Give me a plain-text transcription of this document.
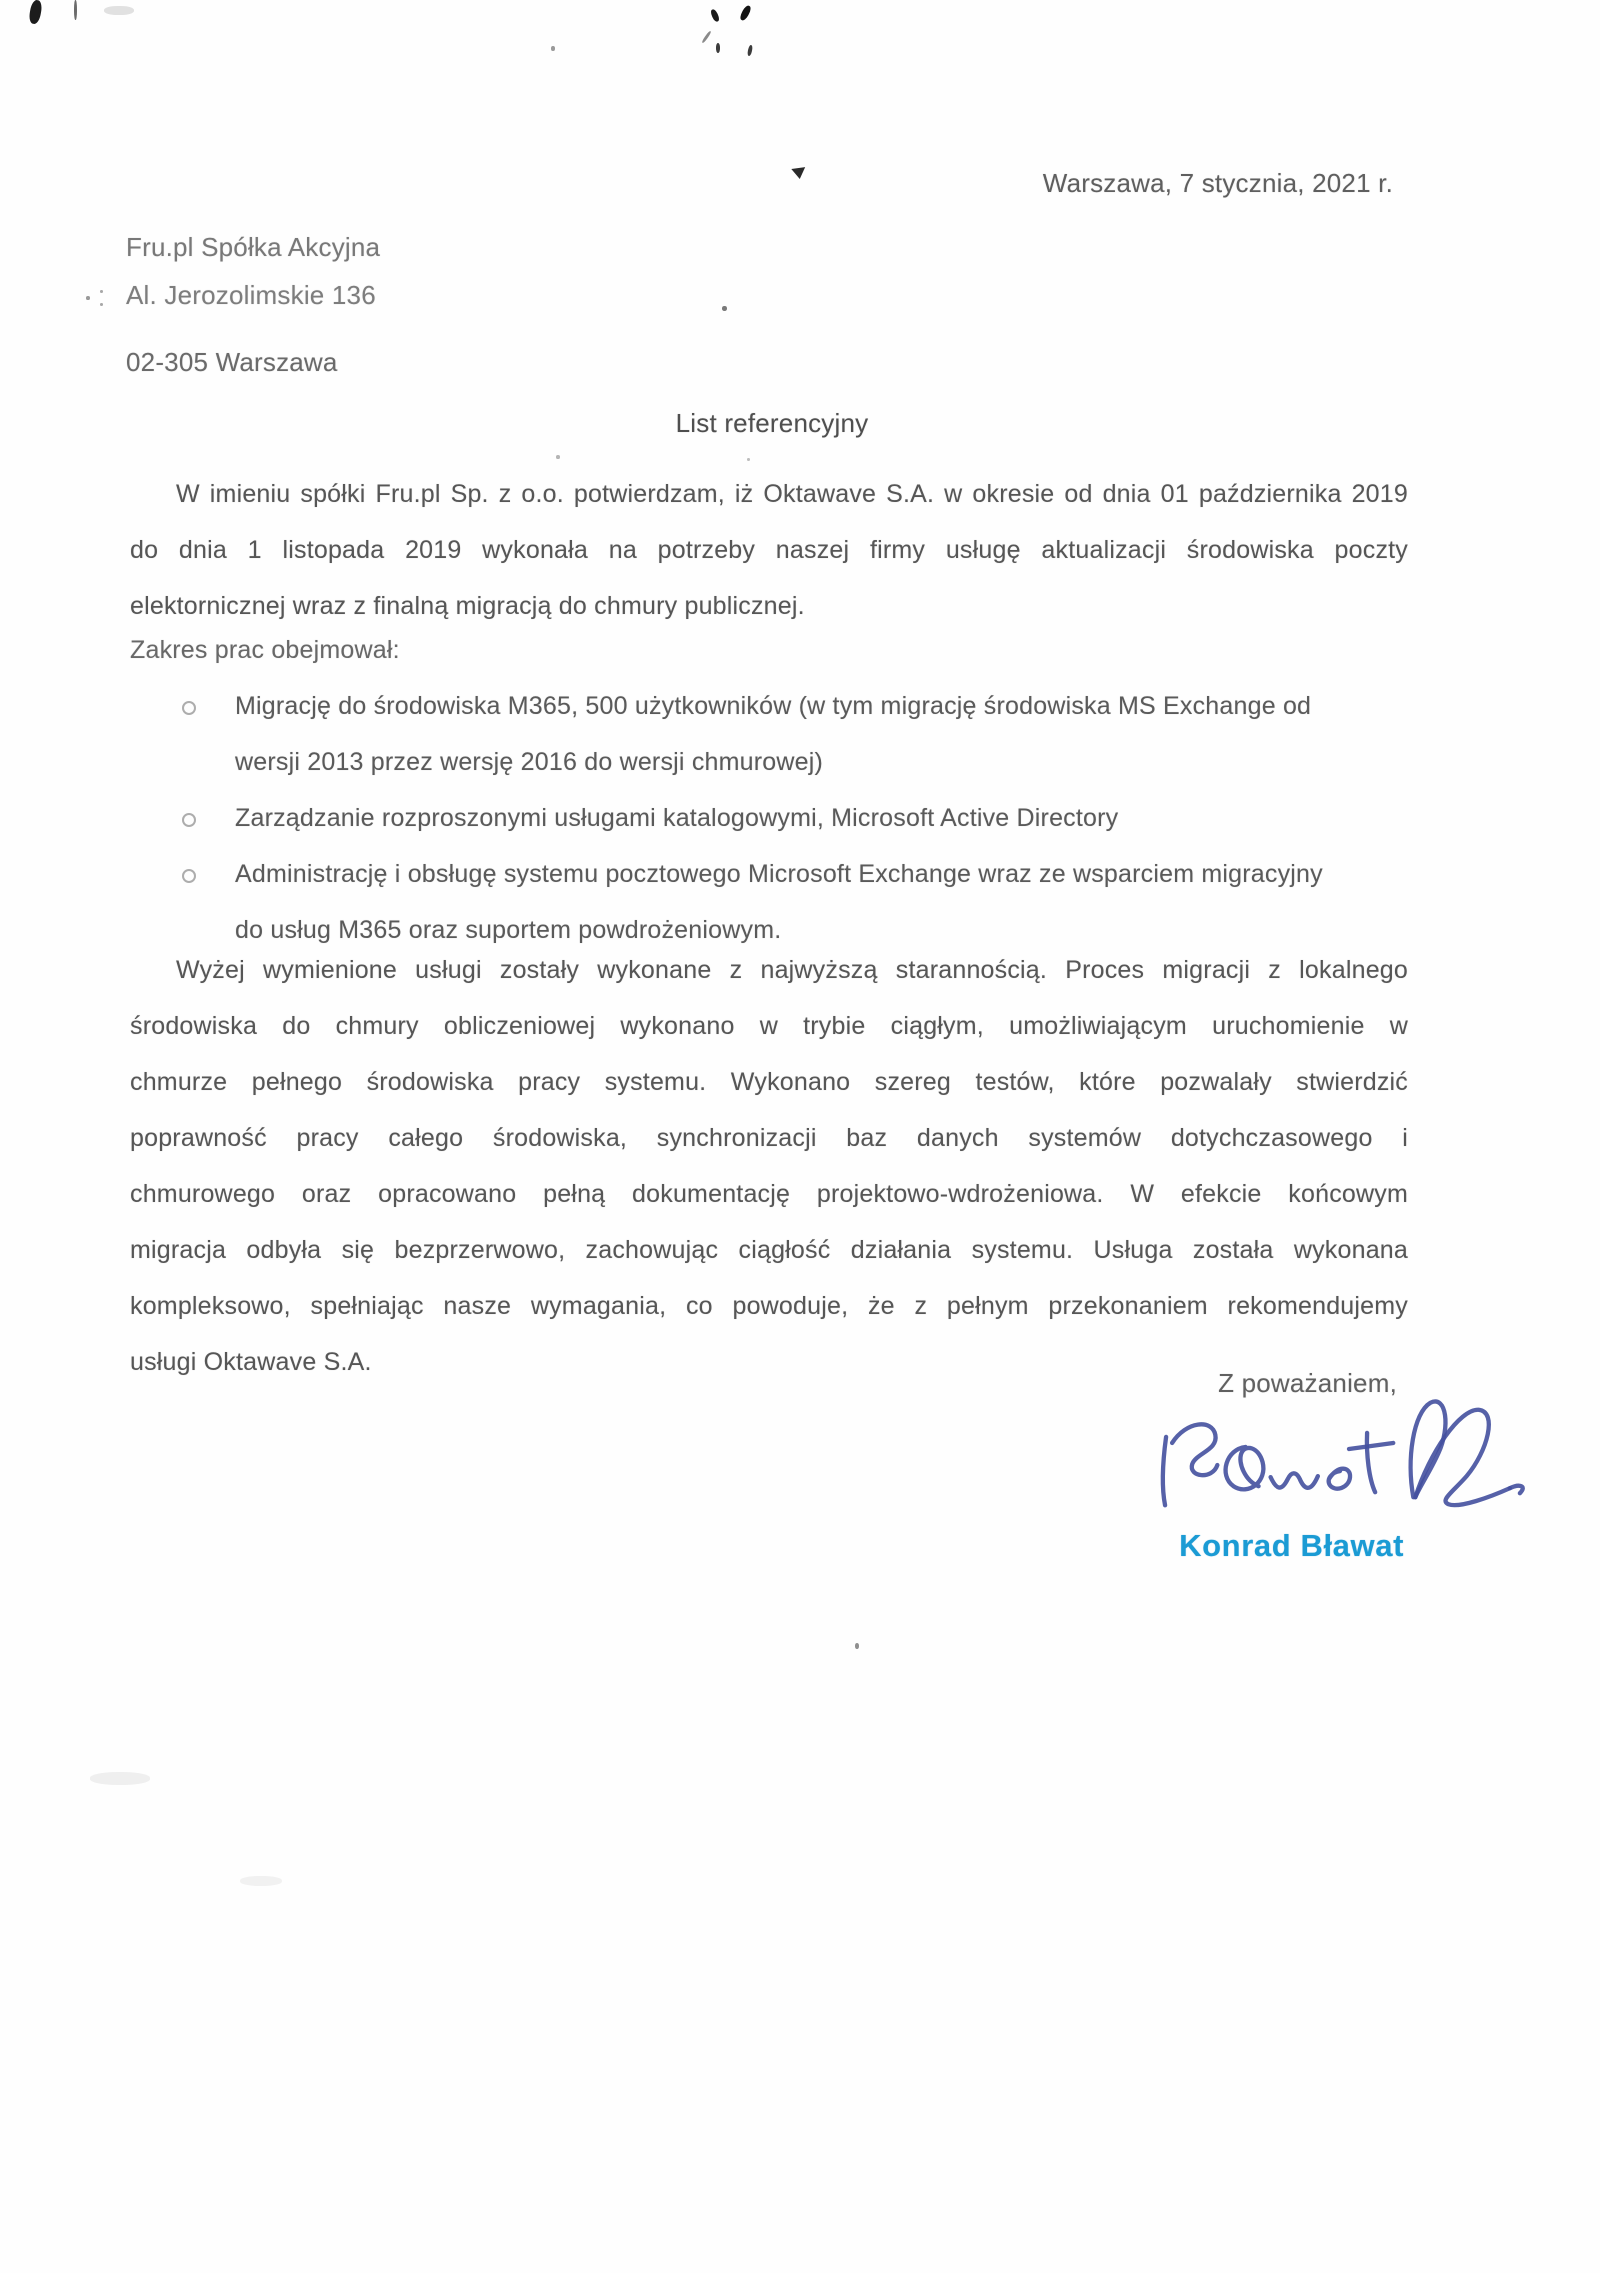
Warszawa, 7 stycznia, 2021 r.
Fru.pl Spółka Akcyjna
Al. Jerozolimskie 136
02-305 Warszawa
List referencyjny
W imieniu spółki Fru.pl Sp. z o.o. potwierdzam, iż Oktawave S.A. w okresie od dnia 01 października 2019
do dnia 1 listopada 2019 wykonała na potrzeby naszej firmy usługę aktualizacji środowiska poczty
elektornicznej wraz z finalną migracją do chmury publicznej.
Zakres prac obejmował:
Migrację do środowiska M365, 500 użytkowników (w tym migrację środowiska MS Exchange od
wersji 2013 przez wersję 2016 do wersji chmurowej)
Zarządzanie rozproszonymi usługami katalogowymi, Microsoft Active Directory
Administrację i obsługę systemu pocztowego Microsoft Exchange wraz ze wsparciem migracyjny
do usług M365 oraz suportem powdrożeniowym.
Wyżej wymienione usługi zostały wykonane z najwyższą starannością. Proces migracji z lokalnego
środowiska do chmury obliczeniowej wykonano w trybie ciągłym, umożliwiającym uruchomienie w
chmurze pełnego środowiska pracy systemu. Wykonano szereg testów, które pozwalały stwierdzić
poprawność pracy całego środowiska, synchronizacji baz danych systemów dotychczasowego i
chmurowego oraz opracowano pełną dokumentację projektowo-wdrożeniowa. W efekcie końcowym
migracja odbyła się bezprzerwowo, zachowując ciągłość działania systemu. Usługa została wykonana
kompleksowo, spełniając nasze wymagania, co powoduje, że z pełnym przekonaniem rekomendujemy
usługi Oktawave S.A.
Z poważaniem,
Konrad Bławat
